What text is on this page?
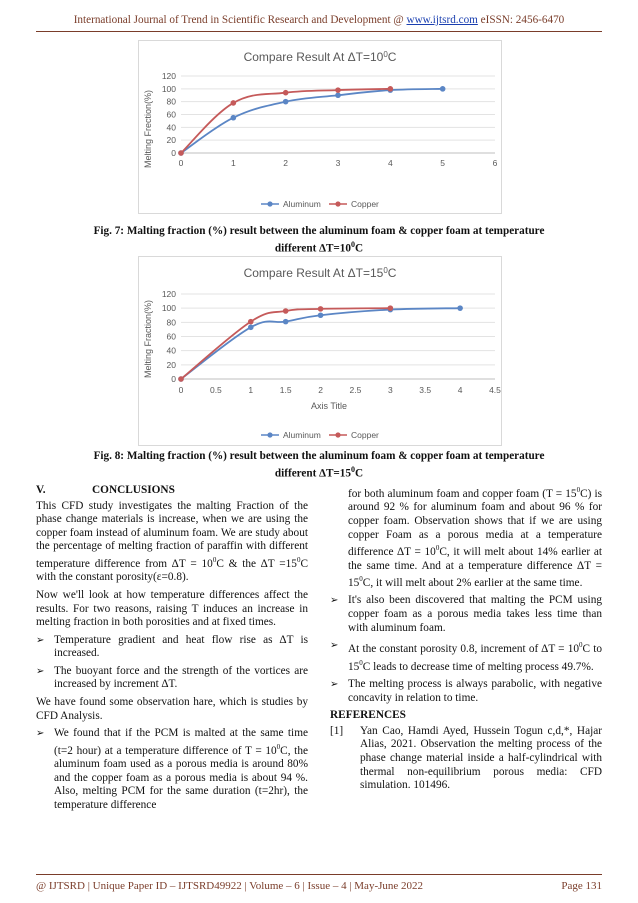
International Journal of Trend in Scientific Research and Development @ www.ijtsrd.com eISSN: 2456-6470
Compare Result At $\Delta T=10^0C$
Melting Frection(%) 0
20
40
60
80
100
120
0	1	2	3	4	5	6
Aluminum	Copper
Fig. 7: Malting fraction (%) result between the aluminum foam & copper foam at temperature
different $\Delta T=10^0C$
Compare Result At $\Delta T=15^0C$
Melting Fraction(%)
Axis Title
0
20
40
60
80
100
120
0	0.5	1	1.5	2	2.5	3	3.5	4	4.5
Aluminum	Copper
Fig. 8: Malting fraction (%) result between the aluminum foam & copper foam at temperature
different $\Delta T=15^0C$
V.	CONCLUSIONS

This CFD study investigates the malting Fraction of the phase change materials is increase, when we are using the copper foam instead of aluminum foam. We are study about the percentage of melting fraction of paraffin with different temperature difference from $\Delta T = 10^0C$ & the $\Delta T =15^0C$ with the constant porosity(ε=0.8).

Now we'll look at how temperature differences affect the results. For two reasons, raising T induces an increase in melting fraction in both porosities and at fixed times.

➢ Temperature gradient and heat flow rise as ∆T is increased.
➢ The buoyant force and the strength of the vortices are increased by increment ∆T.

We have found some observation hare, which is studies by CFD Analysis.

➢ We found that if the PCM is malted at the same time (t=2 hour) at a temperature difference of $T = 10^0C$, the aluminum foam used as a porous media is around 80% and the copper foam as a porous media is about 94 %. Also, melting PCM for the same duration (t=2hr), the temperature difference

for both aluminum foam and copper foam $(T = 15^0C)$ is around 92 % for aluminum foam and about 96 % for copper foam. Observation shows that if we are using copper Foam as a porous media at a temperature difference $\Delta T = 10^0C$, it will melt about 14% earlier at the same time. And at a temperature difference $\Delta T = 15^0C$, it will melt about 2% earlier at the same time.

➢ It's also been discovered that malting the PCM using copper foam as a porous media takes less time than with aluminum foam.
➢ At the constant porosity 0.8, increment of $\Delta T = 10^0C$ to $15^0C$ leads to decrease time of melting process 49.7%.
➢ The melting process is always parabolic, with negative concavity in relation to time.
REFERENCES
[1] Yan Cao, Hamdi Ayed, Hussein Togun c,d,*, Hajar Alias, 2021. Observation the melting process of the phase change material inside a half-cylindrical with thermal non-equilibrium porous media: CFD simulation. 101496.
@ IJTSRD | Unique Paper ID – IJTSRD49922 | Volume – 6 | Issue – 4 | May-June 2022	Page 131
